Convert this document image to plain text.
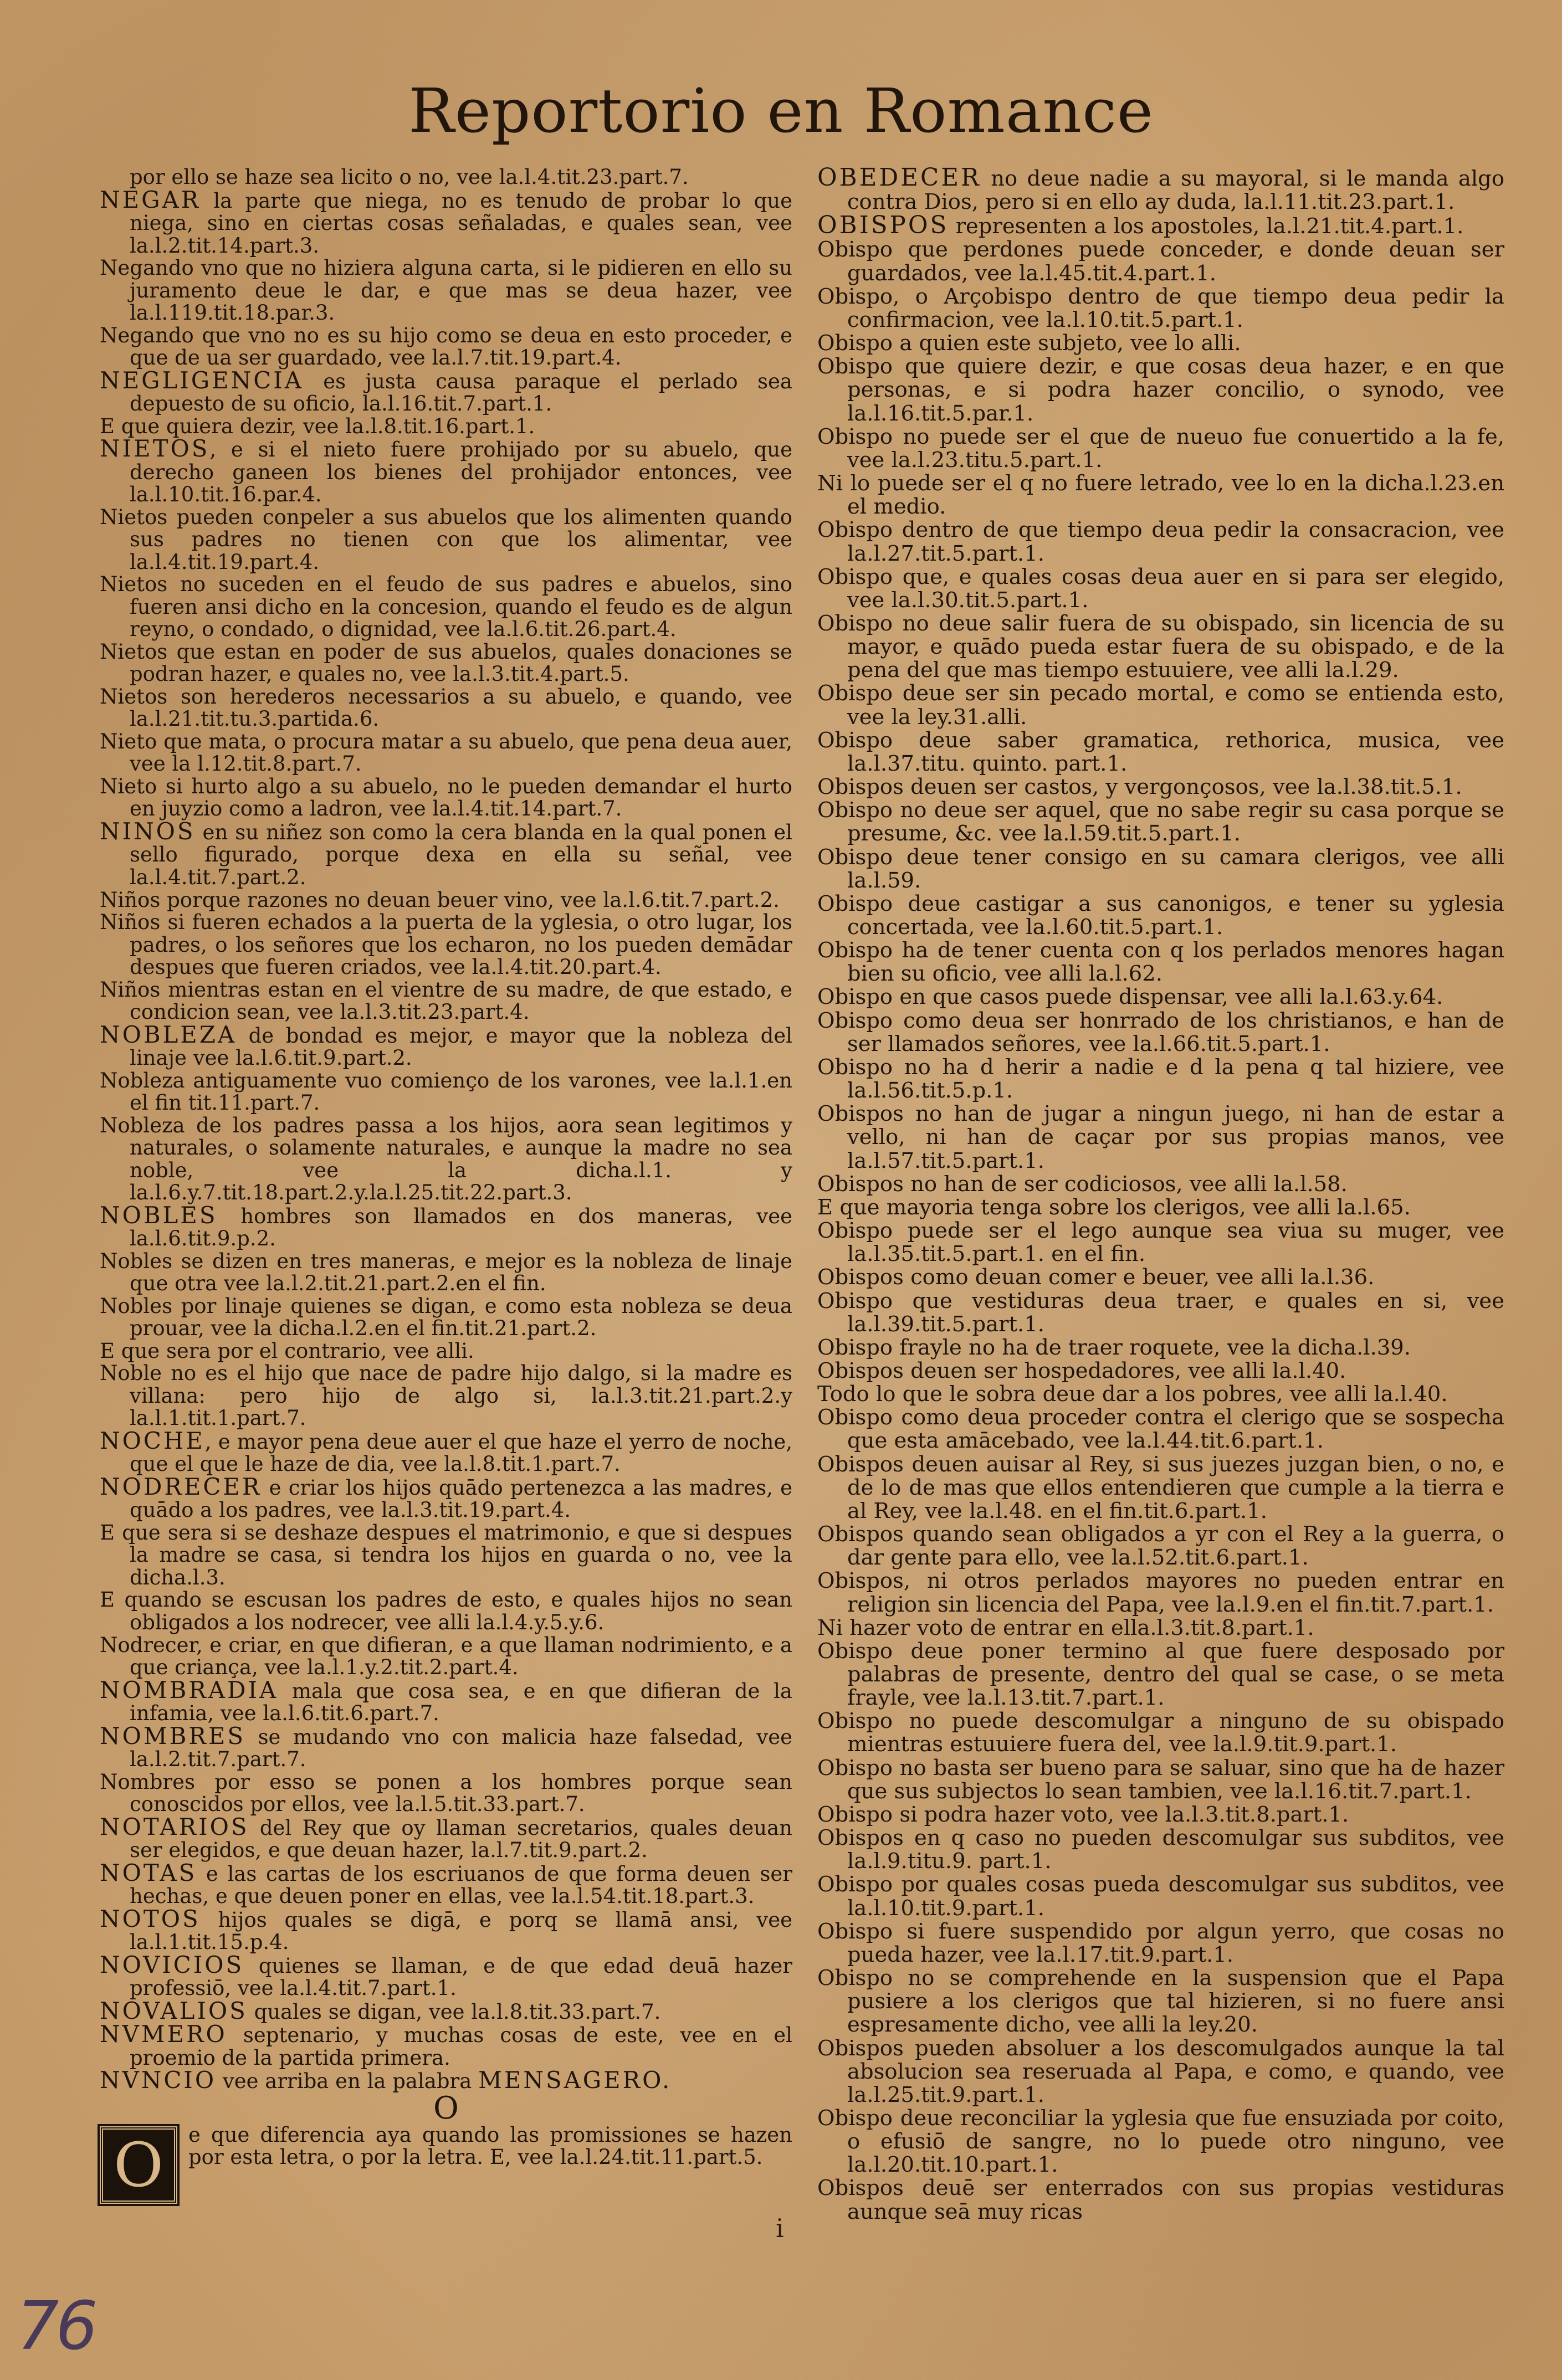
Reportorio en Romance

por ello se haze sea licito o no, vee la.l.4.tit.23.part.7.

NEGAR la parte que niega, no es tenudo de probar lo que niega, sino en ciertas cosas señaladas, e quales sean, vee la.l.2.tit.14.part.3.

Negando vno que no hiziera alguna carta, si le pidieren en ello su juramento deue le dar, e que mas se deua hazer, vee la.l.119.tit.18.par.3.

Negando que vno no es su hijo como se deua en esto proceder, e que de ua ser guardado, vee la.l.7.tit.19.part.4.

NEGLIGENCIA es justa causa paraque el perlado sea depuesto de su oficio, la.l.16.tit.7.part.1.

E que quiera dezir, vee la.l.8.tit.16.part.1.

NIETOS, e si el nieto fuere prohijado por su abuelo, que derecho ganeen los bienes del prohijador entonces, vee la.l.10.tit.16.par.4.

Nietos pueden conpeler a sus abuelos que los alimenten quando sus padres no tienen con que los alimentar, vee la.l.4.tit.19.part.4.

Nietos no suceden en el feudo de sus padres e abuelos, sino fueren ansi dicho en la concesion, quando el feudo es de algun reyno, o condado, o dignidad, vee la.l.6.tit.26.part.4.

Nietos que estan en poder de sus abuelos, quales donaciones se podran hazer, e quales no, vee la.l.3.tit.4.part.5.

Nietos son herederos necessarios a su abuelo, e quando, vee la.l.21.tit.tu.3.partida.6.

Nieto que mata, o procura matar a su abuelo, que pena deua auer, vee la l.12.tit.8.part.7.

Nieto si hurto algo a su abuelo, no le pueden demandar el hurto en juyzio como a ladron, vee la.l.4.tit.14.part.7.

NINOS en su niñez son como la cera blanda en la qual ponen el sello figurado, porque dexa en ella su señal, vee la.l.4.tit.7.part.2.

Niños porque razones no deuan beuer vino, vee la.l.6.tit.7.part.2.

Niños si fueren echados a la puerta de la yglesia, o otro lugar, los padres, o los señores que los echaron, no los pueden demādar despues que fueren criados, vee la.l.4.tit.20.part.4.

Niños mientras estan en el vientre de su madre, de que estado, e condicion sean, vee la.l.3.tit.23.part.4.

NOBLEZA de bondad es mejor, e mayor que la nobleza del linaje vee la.l.6.tit.9.part.2.

Nobleza antiguamente vuo comienço de los varones, vee la.l.1.en el fin tit.11.part.7.

Nobleza de los padres passa a los hijos, aora sean legitimos y naturales, o solamente naturales, e aunque la madre no sea noble, vee la dicha.l.1. y la.l.6.y.7.tit.18.part.2.y.la.l.25.tit.22.part.3.

NOBLES hombres son llamados en dos maneras, vee la.l.6.tit.9.p.2.

Nobles se dizen en tres maneras, e mejor es la nobleza de linaje que otra vee la.l.2.tit.21.part.2.en el fin.

Nobles por linaje quienes se digan, e como esta nobleza se deua prouar, vee la dicha.l.2.en el fin.tit.21.part.2.

E que sera por el contrario, vee alli.

Noble no es el hijo que nace de padre hijo dalgo, si la madre es villana: pero hijo de algo si, la.l.3.tit.21.part.2.y la.l.1.tit.1.part.7.

NOCHE, e mayor pena deue auer el que haze el yerro de noche, que el que le haze de dia, vee la.l.8.tit.1.part.7.

NODRECER e criar los hijos quādo pertenezca a las madres, e quādo a los padres, vee la.l.3.tit.19.part.4.

E que sera si se deshaze despues el matrimonio, e que si despues la madre se casa, si tendra los hijos en guarda o no, vee la dicha.l.3.

E quando se escusan los padres de esto, e quales hijos no sean obligados a los nodrecer, vee alli la.l.4.y.5.y.6.

Nodrecer, e criar, en que difieran, e a que llaman nodrimiento, e a que criança, vee la.l.1.y.2.tit.2.part.4.

NOMBRADIA mala que cosa sea, e en que difieran de la infamia, vee la.l.6.tit.6.part.7.

NOMBRES se mudando vno con malicia haze falsedad, vee la.l.2.tit.7.part.7.

Nombres por esso se ponen a los hombres porque sean conoscidos por ellos, vee la.l.5.tit.33.part.7.

NOTARIOS del Rey que oy llaman secretarios, quales deuan ser elegidos, e que deuan hazer, la.l.7.tit.9.part.2.

NOTAS e las cartas de los escriuanos de que forma deuen ser hechas, e que deuen poner en ellas, vee la.l.54.tit.18.part.3.

NOTOS hijos quales se digā, e porq se llamā ansi, vee la.l.1.tit.15.p.4.

NOVICIOS quienes se llaman, e de que edad deuā hazer professiō, vee la.l.4.tit.7.part.1.

NOVALIOS quales se digan, vee la.l.8.tit.33.part.7.

NVMERO septenario, y muchas cosas de este, vee en el proemio de la partida primera.

NVNCIO vee arriba en la palabra MENSAGERO.

O
O	e que diferencia aya quando las promissiones se hazen por esta letra, o por la letra. E, vee la.l.24.tit.11.part.5.

OBEDECER no deue nadie a su mayoral, si le manda algo contra Dios, pero si en ello ay duda, la.l.11.tit.23.part.1.

OBISPOS representen a los apostoles, la.l.21.tit.4.part.1.

Obispo que perdones puede conceder, e donde deuan ser guardados, vee la.l.45.tit.4.part.1.

Obispo, o Arçobispo dentro de que tiempo deua pedir la confirmacion, vee la.l.10.tit.5.part.1.

Obispo a quien este subjeto, vee lo alli.

Obispo que quiere dezir, e que cosas deua hazer, e en que personas, e si podra hazer concilio, o synodo, vee la.l.16.tit.5.par.1.

Obispo no puede ser el que de nueuo fue conuertido a la fe, vee la.l.23.titu.5.part.1.

Ni lo puede ser el q no fuere letrado, vee lo en la dicha.l.23.en el medio.

Obispo dentro de que tiempo deua pedir la consacracion, vee la.l.27.tit.5.part.1.

Obispo que, e quales cosas deua auer en si para ser elegido, vee la.l.30.tit.5.part.1.

Obispo no deue salir fuera de su obispado, sin licencia de su mayor, e quādo pueda estar fuera de su obispado, e de la pena del que mas tiempo estuuiere, vee alli la.l.29.

Obispo deue ser sin pecado mortal, e como se entienda esto, vee la ley.31.alli.

Obispo deue saber gramatica, rethorica, musica, vee la.l.37.titu. quinto. part.1.

Obispos deuen ser castos, y vergonçosos, vee la.l.38.tit.5.1.

Obispo no deue ser aquel, que no sabe regir su casa porque se presume, &c. vee la.l.59.tit.5.part.1.

Obispo deue tener consigo en su camara clerigos, vee alli la.l.59.

Obispo deue castigar a sus canonigos, e tener su yglesia concertada, vee la.l.60.tit.5.part.1.

Obispo ha de tener cuenta con q los perlados menores hagan bien su oficio, vee alli la.l.62.

Obispo en que casos puede dispensar, vee alli la.l.63.y.64.

Obispo como deua ser honrrado de los christianos, e han de ser llamados señores, vee la.l.66.tit.5.part.1.

Obispo no ha d herir a nadie e d la pena q tal hiziere, vee la.l.56.tit.5.p.1.

Obispos no han de jugar a ningun juego, ni han de estar a vello, ni han de caçar por sus propias manos, vee la.l.57.tit.5.part.1.

Obispos no han de ser codiciosos, vee alli la.l.58.

E que mayoria tenga sobre los clerigos, vee alli la.l.65.

Obispo puede ser el lego aunque sea viua su muger, vee la.l.35.tit.5.part.1. en el fin.

Obispos como deuan comer e beuer, vee alli la.l.36.

Obispo que vestiduras deua traer, e quales en si, vee la.l.39.tit.5.part.1.

Obispo frayle no ha de traer roquete, vee la dicha.l.39.

Obispos deuen ser hospedadores, vee alli la.l.40.

Todo lo que le sobra deue dar a los pobres, vee alli la.l.40.

Obispo como deua proceder contra el clerigo que se sospecha que esta amācebado, vee la.l.44.tit.6.part.1.

Obispos deuen auisar al Rey, si sus juezes juzgan bien, o no, e de lo de mas que ellos entendieren que cumple a la tierra e al Rey, vee la.l.48. en el fin.tit.6.part.1.

Obispos quando sean obligados a yr con el Rey a la guerra, o dar gente para ello, vee la.l.52.tit.6.part.1.

Obispos, ni otros perlados mayores no pueden entrar en religion sin licencia del Papa, vee la.l.9.en el fin.tit.7.part.1.

Ni hazer voto de entrar en ella.l.3.tit.8.part.1.

Obispo deue poner termino al que fuere desposado por palabras de presente, dentro del qual se case, o se meta frayle, vee la.l.13.tit.7.part.1.

Obispo no puede descomulgar a ninguno de su obispado mientras estuuiere fuera del, vee la.l.9.tit.9.part.1.

Obispo no basta ser bueno para se saluar, sino que ha de hazer que sus subjectos lo sean tambien, vee la.l.16.tit.7.part.1.

Obispo si podra hazer voto, vee la.l.3.tit.8.part.1.

Obispos en q caso no pueden descomulgar sus subditos, vee la.l.9.titu.9. part.1.

Obispo por quales cosas pueda descomulgar sus subditos, vee la.l.10.tit.9.part.1.

Obispo si fuere suspendido por algun yerro, que cosas no pueda hazer, vee la.l.17.tit.9.part.1.

Obispo no se comprehende en la suspension que el Papa pusiere a los clerigos que tal hizieren, si no fuere ansi espresamente dicho, vee alli la ley.20.

Obispos pueden absoluer a los descomulgados aunque la tal absolucion sea reseruada al Papa, e como, e quando, vee la.l.25.tit.9.part.1.

Obispo deue reconciliar la yglesia que fue ensuziada por coito, o efusiō de sangre, no lo puede otro ninguno, vee la.l.20.tit.10.part.1.

Obispos deuē ser enterrados con sus propias vestiduras aunque seā muy ricas

i
76
